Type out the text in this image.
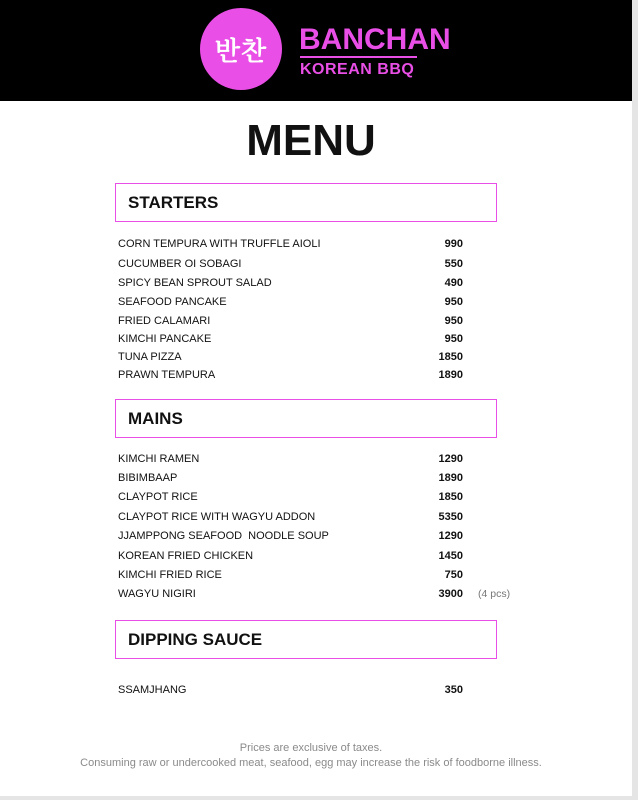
반찬 BANCHAN
KOREAN BBQ
MENU
STARTERS
CORN TEMPURA WITH TRUFFLE AIOLI	990
CUCUMBER OI SOBAGI	550
SPICY BEAN SPROUT SALAD	490
SEAFOOD PANCAKE	950
FRIED CALAMARI	950
KIMCHI PANCAKE	950
TUNA PIZZA	1850
PRAWN TEMPURA	1890
MAINS
KIMCHI RAMEN	1290
BIBIMBAAP	1890
CLAYPOT RICE	1850
CLAYPOT RICE WITH WAGYU ADDON	5350
JJAMPPONG SEAFOOD  NOODLE SOUP	1290
KOREAN FRIED CHICKEN	1450
KIMCHI FRIED RICE	750
WAGYU NIGIRI	3900 (4 pcs)
DIPPING SAUCE
SSAMJHANG	350
Prices are exclusive of taxes.
Consuming raw or undercooked meat, seafood, egg may increase the risk of foodborne illness.
